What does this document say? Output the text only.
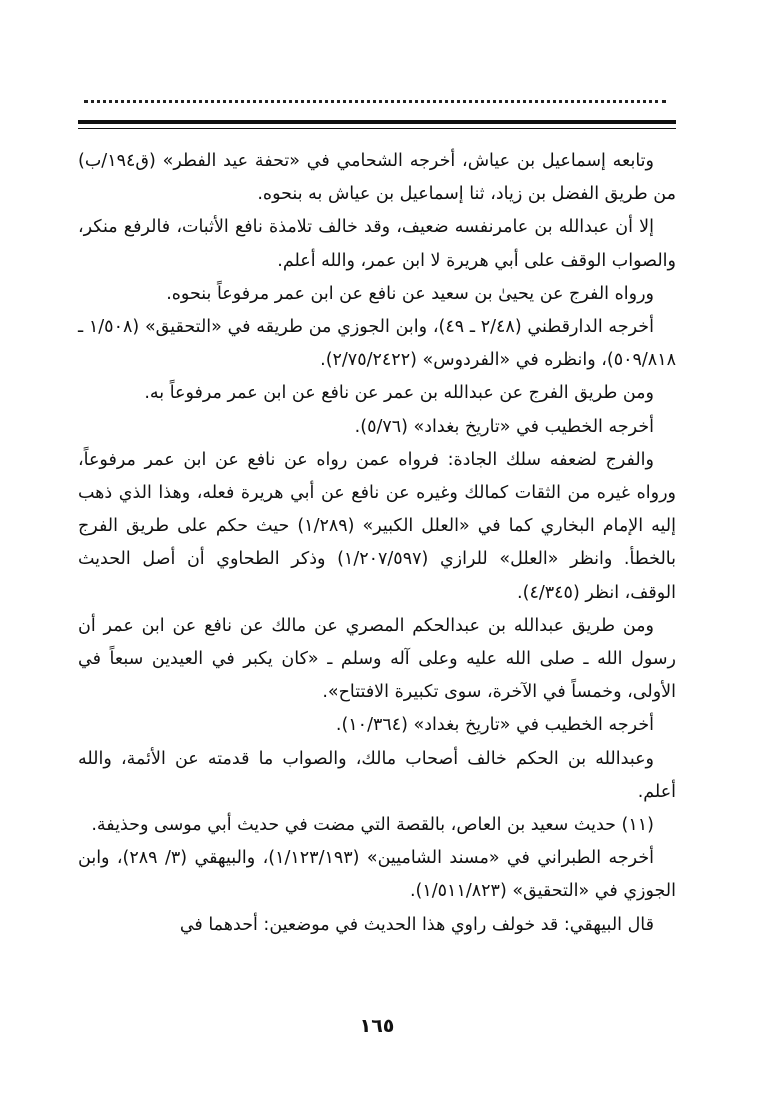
وتابعه إسماعيل بن عياش، أخرجه الشحامي في «تحفة عيد الفطر» (ق١٩٤/ب) من طريق الفضل بن زياد، ثنا إسماعيل بن عياش به بنحوه.

إلا أن عبدالله بن عامرنفسه ضعيف، وقد خالف تلامذة نافع الأثبات، فالرفع منكر، والصواب الوقف على أبي هريرة لا ابن عمر، والله أعلم.

ورواه الفرج عن يحيىٰ بن سعيد عن نافع عن ابن عمر مرفوعاً بنحوه.

أخرجه الدارقطني (٢/٤٨ ـ ٤٩)، وابن الجوزي من طريقه في «التحقيق» (١/٥٠٨ ـ ٥٠٩/٨١٨)، وانظره في «الفردوس» (٢/٧٥/٢٤٢٢).

ومن طريق الفرج عن عبدالله بن عمر عن نافع عن ابن عمر مرفوعاً به.

أخرجه الخطيب في «تاريخ بغداد» (٥/٧٦).

والفرج لضعفه سلك الجادة: فرواه عمن رواه عن نافع عن ابن عمر مرفوعاً، ورواه غيره من الثقات كمالك وغيره عن نافع عن أبي هريرة فعله، وهذا الذي ذهب إليه الإمام البخاري كما في «العلل الكبير» (١/٢٨٩) حيث حكم على طريق الفرج بالخطأ. وانظر «العلل» للرازي (١/٢٠٧/٥٩٧) وذكر الطحاوي أن أصل الحديث الوقف، انظر (٤/٣٤٥).

ومن طريق عبدالله بن عبدالحكم المصري عن مالك عن نافع عن ابن عمر أن رسول الله ـ صلى الله عليه وعلى آله وسلم ـ «كان يكبر في العيدين سبعاً في الأولى، وخمساً في الآخرة، سوى تكبيرة الافتتاح».

أخرجه الخطيب في «تاريخ بغداد» (١٠/٣٦٤).

وعبدالله بن الحكم خالف أصحاب مالك، والصواب ما قدمته عن الأئمة، والله أعلم.

(١١) حديث سعيد بن العاص، بالقصة التي مضت في حديث أبي موسى وحذيفة.

أخرجه الطبراني في «مسند الشاميين» (١/١٢٣/١٩٣)، والبيهقي (٣/ ٢٨٩)، وابن الجوزي في «التحقيق» (١/٥١١/٨٢٣).

قال البيهقي: قد خولف راوي هذا الحديث في موضعين: أحدهما في

١٦٥
